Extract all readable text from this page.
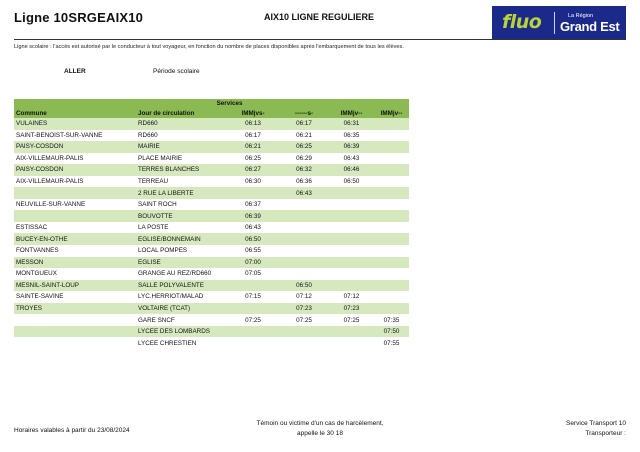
Ligne 10SRGEAIX10	AIX10 LIGNE REGULIERE	fluo	La Région
Grand Est
Ligne scolaire : l'accès est autorisé par le conducteur à tout voyageur, en fonction du nombre de places disponibles après l'embarquement de tous les élèves.
ALLER	Période scolaire
	Services				
Commune	Jour de circulation	lMMjvs-	------s-	lMMjv--	lMMjv--
VULAINES	RD660	06:13	06:17	06:31	
SAINT-BENOIST-SUR-VANNE	RD660	06:17	06:21	06:35	
PAISY-COSDON	MAIRIE	06:21	06:25	06:39	
AIX-VILLEMAUR-PALIS	PLACE MAIRIE	06:25	06:29	06:43	
PAISY-COSDON	TERRES BLANCHES	06:27	06:32	06:46	
AIX-VILLEMAUR-PALIS	TERREAU	06:30	06:36	06:50	
	2 RUE LA LIBERTE		06:43		
NEUVILLE-SUR-VANNE	SAINT ROCH	06:37			
	BOUVOTTE	06:39			
ESTISSAC	LA POSTE	06:43			
BUCEY-EN-OTHE	EGLISE/BONNEMAIN	06:50			
FONTVANNES	LOCAL POMPES	06:55			
MESSON	EGLISE	07:00			
MONTGUEUX	GRANGE AU REZ/RD660	07:05			
MESNIL-SAINT-LOUP	SALLE POLYVALENTE		06:50		
SAINTE-SAVINE	LYC.HERRIOT/MALAD	07:15	07:12	07:12	
TROYES	VOLTAIRE (TCAT)		07:23	07:23	
	GARE SNCF	07:25	07:25	07:25	07:35
	LYCEE DES LOMBARDS				07:50
	LYCEE CHRESTIEN				07:55
Horaires valables à partir du 23/08/2024
Témoin ou victime d'un cas de harcèlement,
appelle le 30 18
Service Transport 10
Transporteur :
